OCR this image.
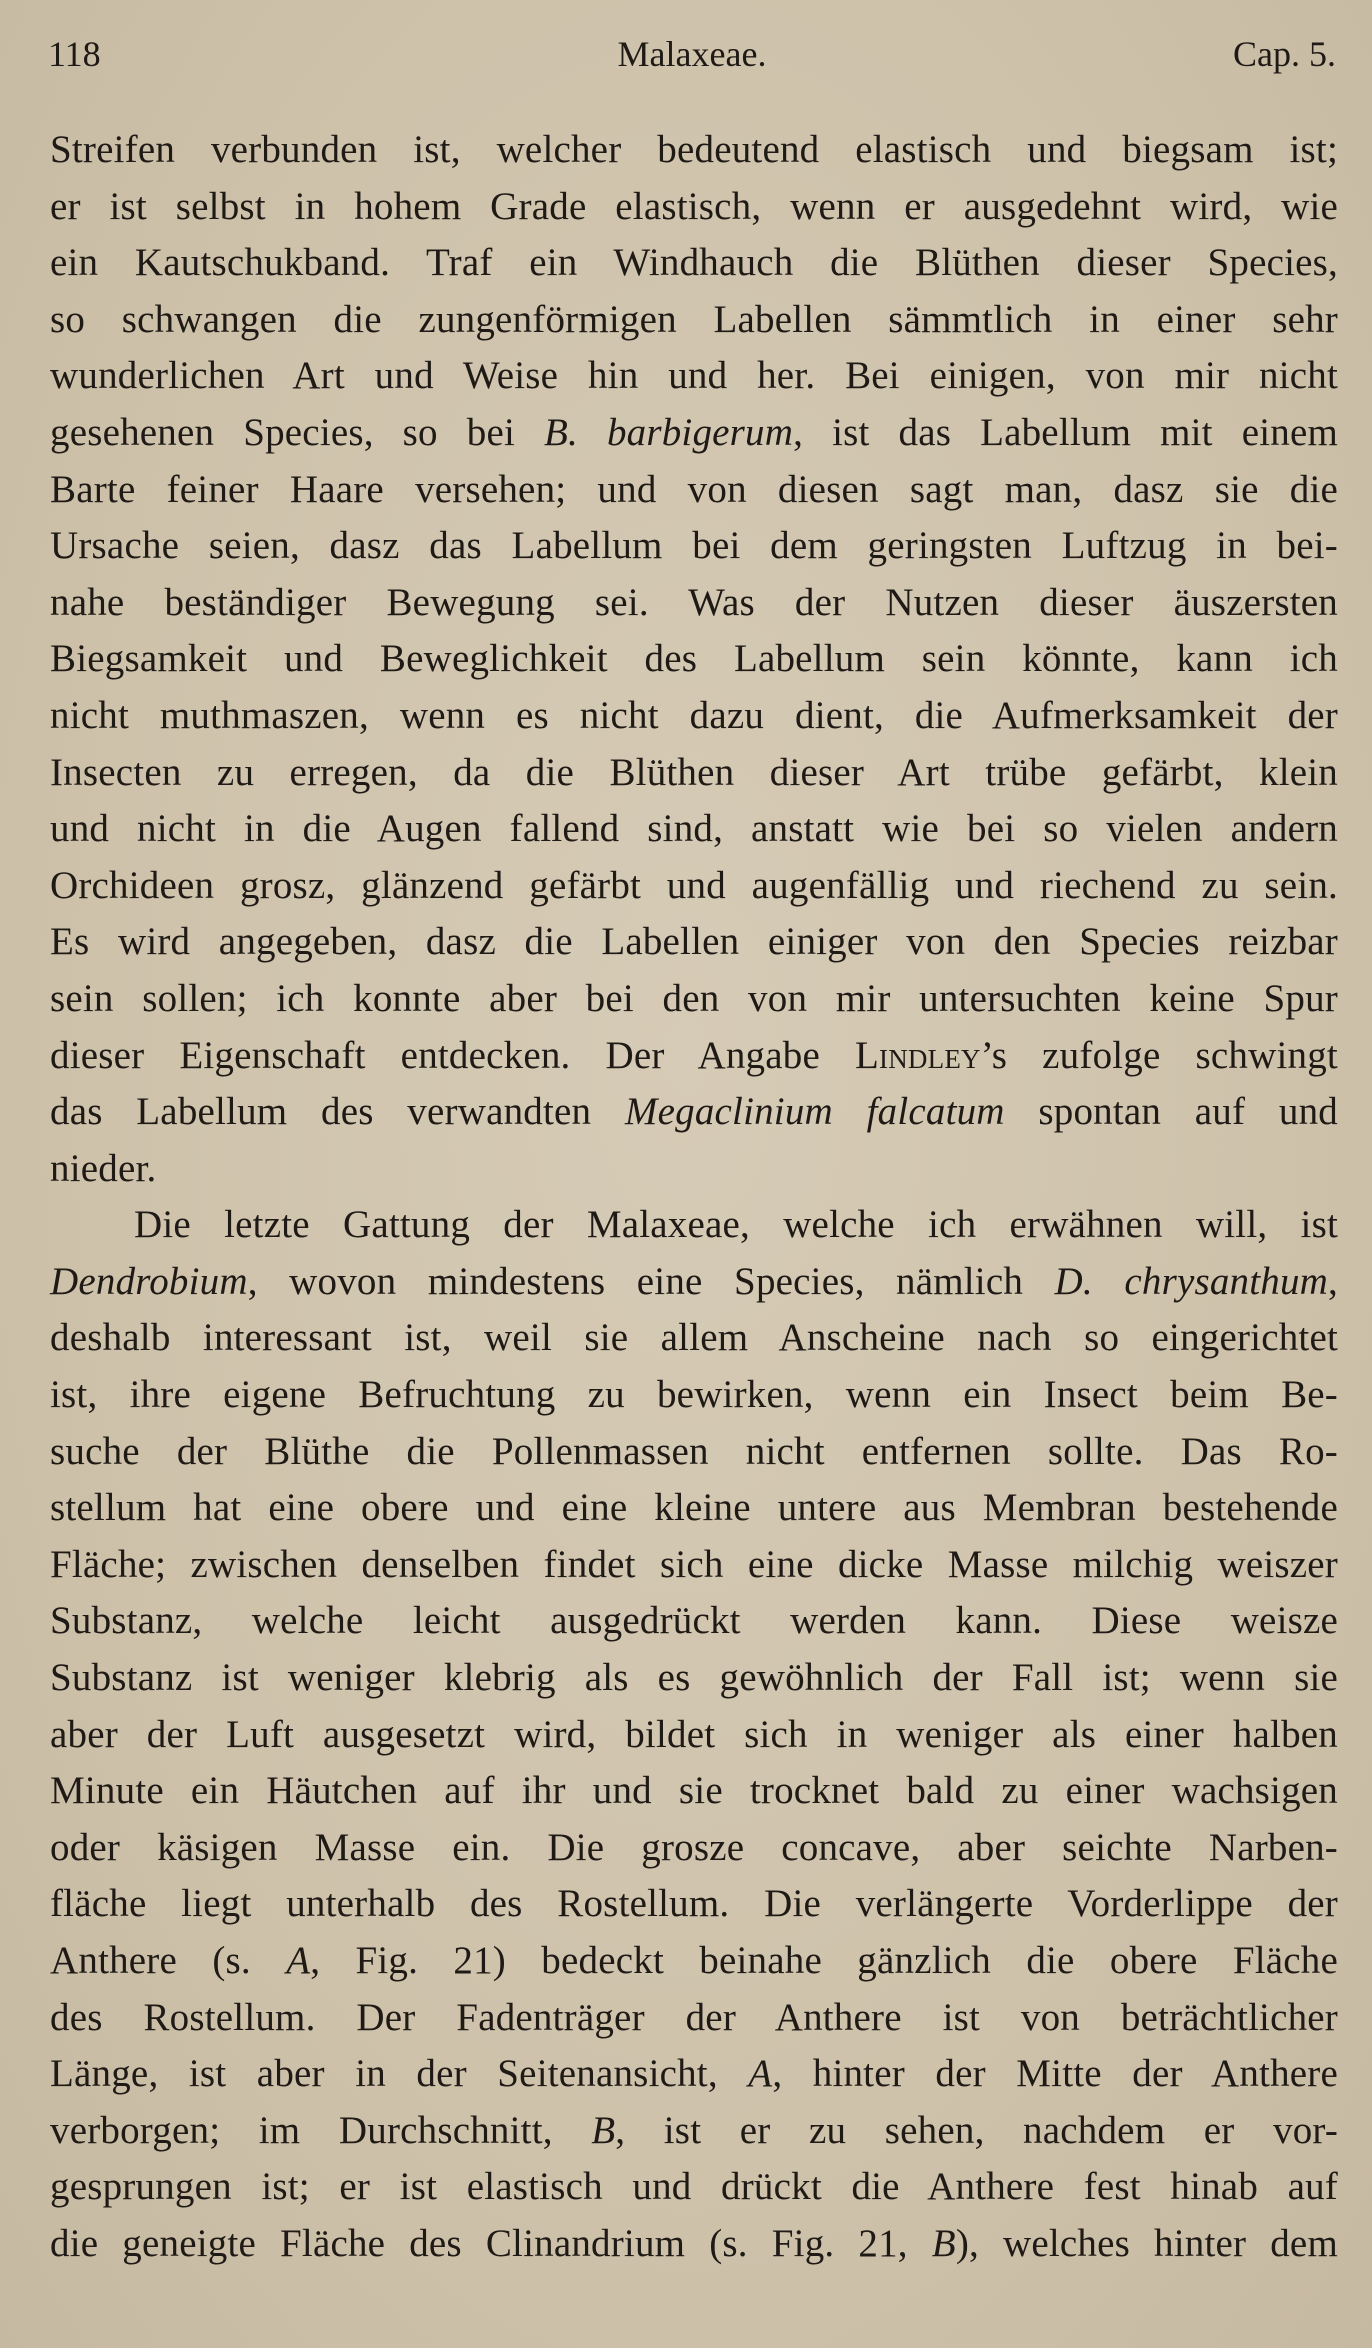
118	Malaxeae.	Cap. 5.
Streifen verbunden ist, welcher bedeutend elastisch und biegsam ist;
er ist selbst in hohem Grade elastisch, wenn er ausgedehnt wird, wie
ein Kautschukband. Traf ein Windhauch die Blüthen dieser Species,
so schwangen die zungenförmigen Labellen sämmtlich in einer sehr
wunderlichen Art und Weise hin und her. Bei einigen, von mir nicht
gesehenen Species, so bei B. barbigerum, ist das Labellum mit einem
Barte feiner Haare versehen; und von diesen sagt man, dasz sie die
Ursache seien, dasz das Labellum bei dem geringsten Luftzug in bei-
nahe beständiger Bewegung sei. Was der Nutzen dieser äuszersten
Biegsamkeit und Beweglichkeit des Labellum sein könnte, kann ich
nicht muthmaszen, wenn es nicht dazu dient, die Aufmerksamkeit der
Insecten zu erregen, da die Blüthen dieser Art trübe gefärbt, klein
und nicht in die Augen fallend sind, anstatt wie bei so vielen andern
Orchideen grosz, glänzend gefärbt und augenfällig und riechend zu sein.
Es wird angegeben, dasz die Labellen einiger von den Species reizbar
sein sollen; ich konnte aber bei den von mir untersuchten keine Spur
dieser Eigenschaft entdecken. Der Angabe Lindley’s zufolge schwingt
das Labellum des verwandten Megaclinium falcatum spontan auf und
nieder.
Die letzte Gattung der Malaxeae, welche ich erwähnen will, ist
Dendrobium, wovon mindestens eine Species, nämlich D. chrysanthum,
deshalb interessant ist, weil sie allem Anscheine nach so eingerichtet
ist, ihre eigene Befruchtung zu bewirken, wenn ein Insect beim Be-
suche der Blüthe die Pollenmassen nicht entfernen sollte. Das Ro-
stellum hat eine obere und eine kleine untere aus Membran bestehende
Fläche; zwischen denselben findet sich eine dicke Masse milchig weiszer
Substanz, welche leicht ausgedrückt werden kann. Diese weisze
Substanz ist weniger klebrig als es gewöhnlich der Fall ist; wenn sie
aber der Luft ausgesetzt wird, bildet sich in weniger als einer halben
Minute ein Häutchen auf ihr und sie trocknet bald zu einer wachsigen
oder käsigen Masse ein. Die grosze concave, aber seichte Narben-
fläche liegt unterhalb des Rostellum. Die verlängerte Vorderlippe der
Anthere (s. A, Fig. 21) bedeckt beinahe gänzlich die obere Fläche
des Rostellum. Der Fadenträger der Anthere ist von beträchtlicher
Länge, ist aber in der Seitenansicht, A, hinter der Mitte der Anthere
verborgen; im Durchschnitt, B, ist er zu sehen, nachdem er vor-
gesprungen ist; er ist elastisch und drückt die Anthere fest hinab auf
die geneigte Fläche des Clinandrium (s. Fig. 21, B), welches hinter dem
